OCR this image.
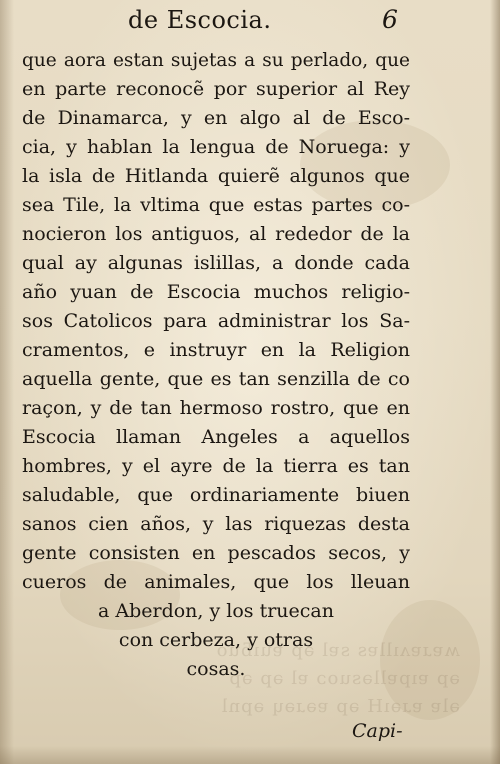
ʍɐɹɐʌıllɐs sɐl ǝp ɐuıƃuo
ǝp ɐıpɐllǝsuoɔ ɐl ǝp ǝp
ǝlɐ ɐɹǝıH ǝp ɐǝɹǝɥ ǝpnl
de Escocia.	6
que aora estan sujetas a su perlado, que
en parte reconocẽ por superior al Rey
de Dinamarca, y en algo al de Esco-
cia, y hablan la lengua de Noruega: y
la isla de Hitlanda quierẽ algunos que
sea Tile, la vltima que estas partes co-
nocieron los antiguos, al rededor de la
qual ay algunas islillas, a donde cada
año yuan de Escocia muchos religio-
sos Catolicos para administrar los Sa-
cramentos, e instruyr en la Religion
aquella gente, que es tan senzilla de co
raçon, y de tan hermoso rostro, que en
Escocia llaman Angeles a aquellos
hombres, y el ayre de la tierra es tan
saludable, que ordinariamente biuen
sanos cien años, y las riquezas desta
gente consisten en pescados secos, y
cueros de animales, que los lleuan
a Aberdon, y los truecan
con cerbeza, y otras
cosas.
Capi-
